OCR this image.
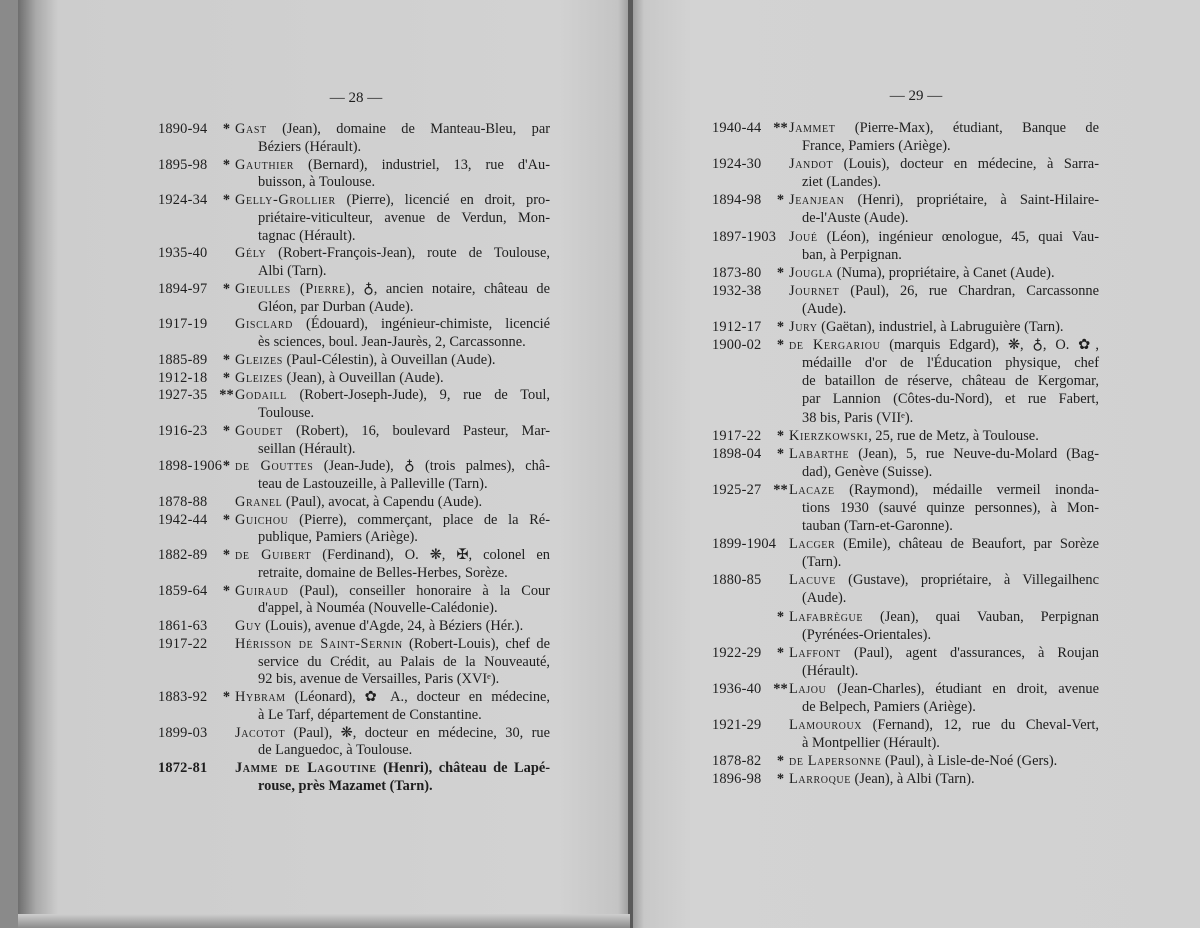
— 28 —	— 29 —
1890-94	* Gast (Jean), domaine de Manteau-Bleu, par
Béziers (Hérault).
1895-98	* Gauthier (Bernard), industriel, 13, rue d'Au-
buisson, à Toulouse.
1924-34	* Gelly-Grollier (Pierre), licencié en droit, pro-
priétaire-viticulteur, avenue de Verdun, Mon-
tagnac (Hérault).
1935-40	Gély (Robert-François-Jean), route de Toulouse,
Albi (Tarn).
1894-97	* Gieulles (Pierre), ♁, ancien notaire, château de
Gléon, par Durban (Aude).
1917-19	Gisclard (Édouard), ingénieur-chimiste, licencié
ès sciences, boul. Jean-Jaurès, 2, Carcassonne.
1885-89	* Gleizes (Paul-Célestin), à Ouveillan (Aude).
1912-18	* Gleizes (Jean), à Ouveillan (Aude).
1927-35 ** Godaill (Robert-Joseph-Jude), 9, rue de Toul,
Toulouse.
1916-23	* Goudet (Robert), 16, boulevard Pasteur, Mar-
seillan (Hérault).
1898-1906 * de Gouttes (Jean-Jude), ♁ (trois palmes), châ-
teau de Lastouzeille, à Palleville (Tarn).
1878-88	Granel (Paul), avocat, à Capendu (Aude).
1942-44	* Guichou (Pierre), commerçant, place de la Ré-
publique, Pamiers (Ariège).
1882-89	* de Guibert (Ferdinand), O. ❋, ✠, colonel en
retraite, domaine de Belles-Herbes, Sorèze.
1859-64	* Guiraud (Paul), conseiller honoraire à la Cour
d'appel, à Nouméa (Nouvelle-Calédonie).
1861-63	Guy (Louis), avenue d'Agde, 24, à Béziers (Hér.).
1917-22	Hérisson de Saint-Sernin (Robert-Louis), chef de
service du Crédit, au Palais de la Nouveauté,
92 bis, avenue de Versailles, Paris (XVIᵉ).
1883-92	* Hybram (Léonard), ✿ A., docteur en médecine,
à Le Tarf, département de Constantine.
1899-03	Jacotot (Paul), ❋, docteur en médecine, 30, rue
de Languedoc, à Toulouse.
1872-81	Jamme de Lagoutine (Henri), château de Lapé-
rouse, près Mazamet (Tarn).
1940-44 ** Jammet (Pierre-Max), étudiant, Banque de
France, Pamiers (Ariège).
1924-30	Jandot (Louis), docteur en médecine, à Sarra-
ziet (Landes).
1894-98	* Jeanjean (Henri), propriétaire, à Saint-Hilaire-
de-l'Auste (Aude).
1897-1903 Joué (Léon), ingénieur œnologue, 45, quai Vau-
ban, à Perpignan.
1873-80	* Jougla (Numa), propriétaire, à Canet (Aude).
1932-38	Journet (Paul), 26, rue Chardran, Carcassonne
(Aude).
1912-17	* Jury (Gaëtan), industriel, à Labruguière (Tarn).
1900-02	* de Kergariou (marquis Edgard), ❋, ♁, O. ✿,
médaille d'or de l'Éducation physique, chef
de bataillon de réserve, château de Kergomar,
par Lannion (Côtes-du-Nord), et rue Fabert,
38 bis, Paris (VIIᵉ).
1917-22	* Kierzkowski, 25, rue de Metz, à Toulouse.
1898-04	* Labarthe (Jean), 5, rue Neuve-du-Molard (Bag-
dad), Genève (Suisse).
1925-27 ** Lacaze (Raymond), médaille vermeil inonda-
tions 1930 (sauvé quinze personnes), à Mon-
tauban (Tarn-et-Garonne).
1899-1904 Lacger (Emile), château de Beaufort, par Sorèze
(Tarn).
1880-85	Lacuve (Gustave), propriétaire, à Villegailhenc
(Aude).
* Lafabrègue (Jean), quai Vauban, Perpignan
(Pyrénées-Orientales).
1922-29	* Laffont (Paul), agent d'assurances, à Roujan
(Hérault).
1936-40 ** Lajou (Jean-Charles), étudiant en droit, avenue
de Belpech, Pamiers (Ariège).
1921-29	Lamouroux (Fernand), 12, rue du Cheval-Vert,
à Montpellier (Hérault).
1878-82	* de Lapersonne (Paul), à Lisle-de-Noé (Gers).
1896-98	* Larroque (Jean), à Albi (Tarn).
